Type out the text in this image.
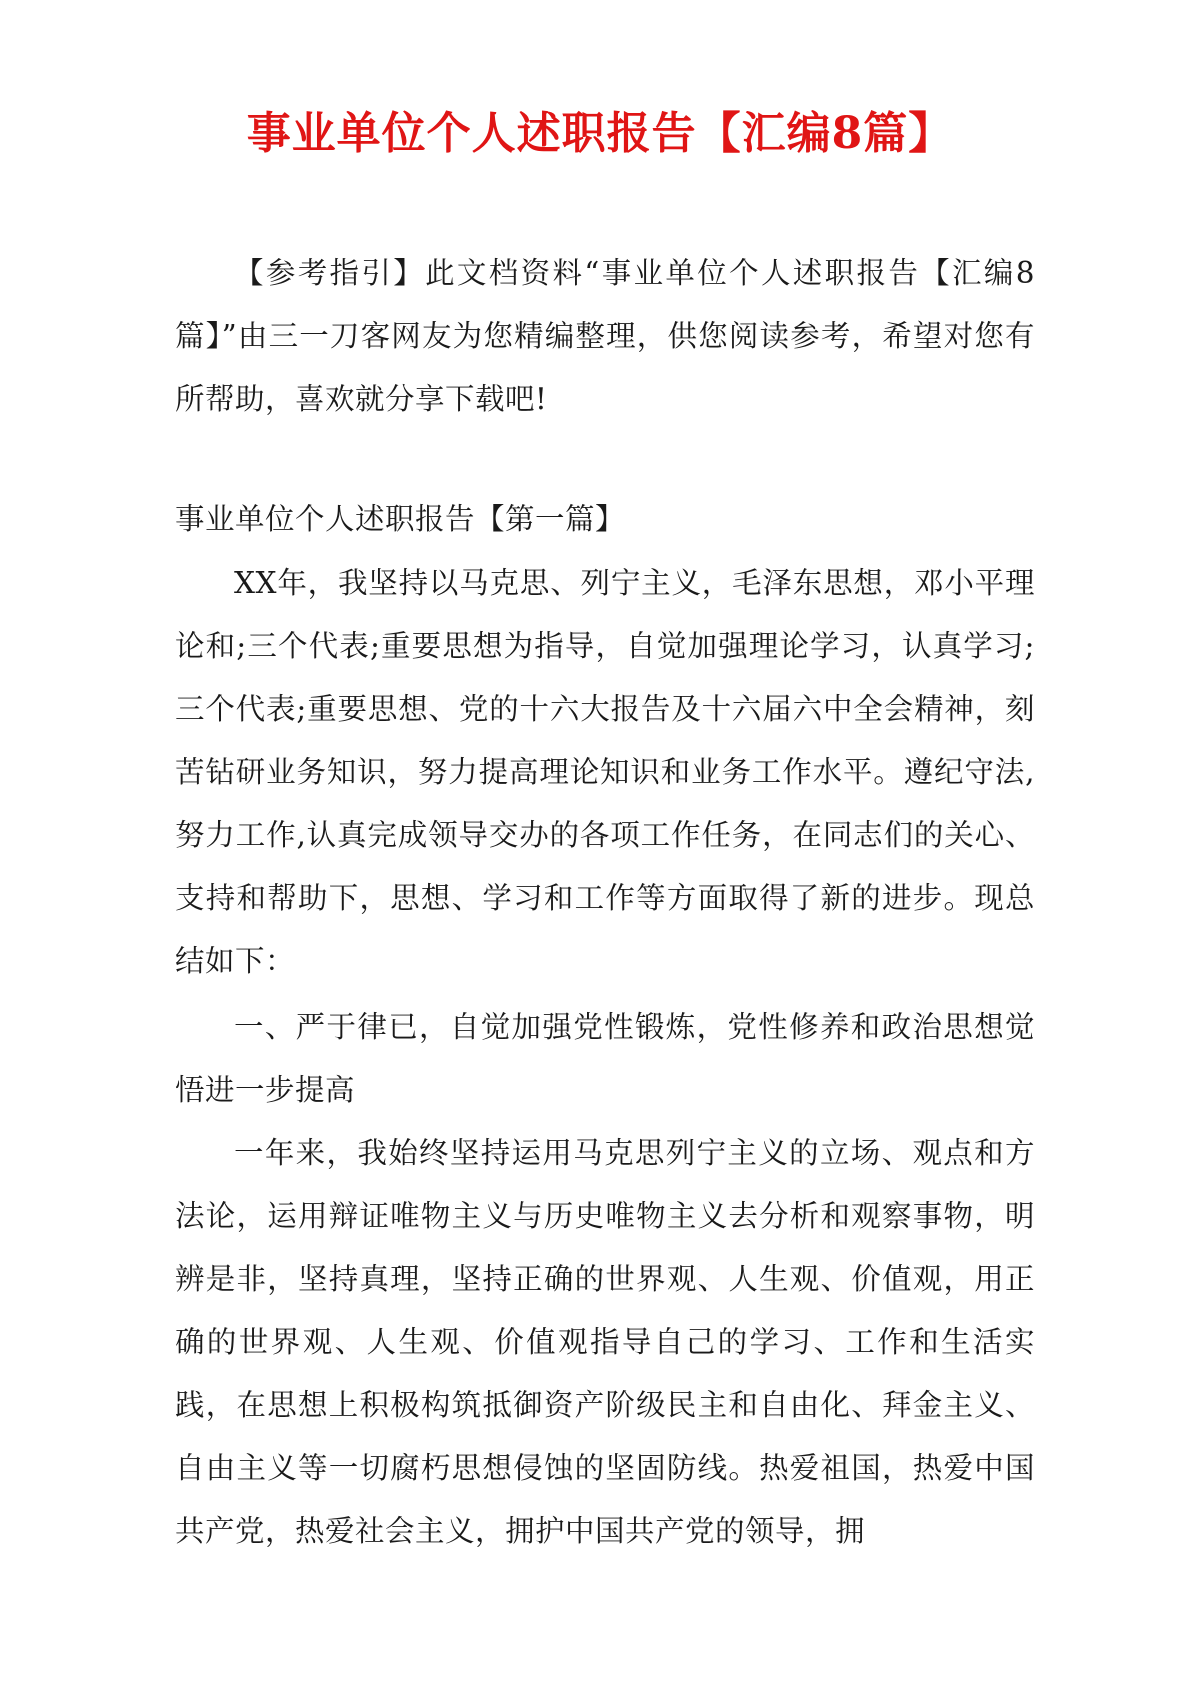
事业单位个人述职报告【汇编8篇】

【参考指引】此文档资料“事业单位个人述职报告【汇编8篇】”由三一刀客网友为您精编整理，供您阅读参考，希望对您有所帮助，喜欢就分享下载吧!

事业单位个人述职报告【第一篇】

XX年，我坚持以马克思、列宁主义，毛泽东思想，邓小平理论和;三个代表;重要思想为指导，自觉加强理论学习，认真学习;三个代表;重要思想、党的十六大报告及十六届六中全会精神，刻苦钻研业务知识，努力提高理论知识和业务工作水平。遵纪守法,努力工作,认真完成领导交办的各项工作任务，在同志们的关心、支持和帮助下，思想、学习和工作等方面取得了新的进步。现总结如下：

一、严于律已，自觉加强党性锻炼，党性修养和政治思想觉悟进一步提高

一年来，我始终坚持运用马克思列宁主义的立场、观点和方法论，运用辩证唯物主义与历史唯物主义去分析和观察事物，明辨是非，坚持真理，坚持正确的世界观、人生观、价值观，用正确的世界观、人生观、价值观指导自己的学习、工作和生活实践，在思想上积极构筑抵御资产阶级民主和自由化、拜金主义、自由主义等一切腐朽思想侵蚀的坚固防线。热爱祖国，热爱中国共产党，热爱社会主义，拥护中国共产党的领导，拥
